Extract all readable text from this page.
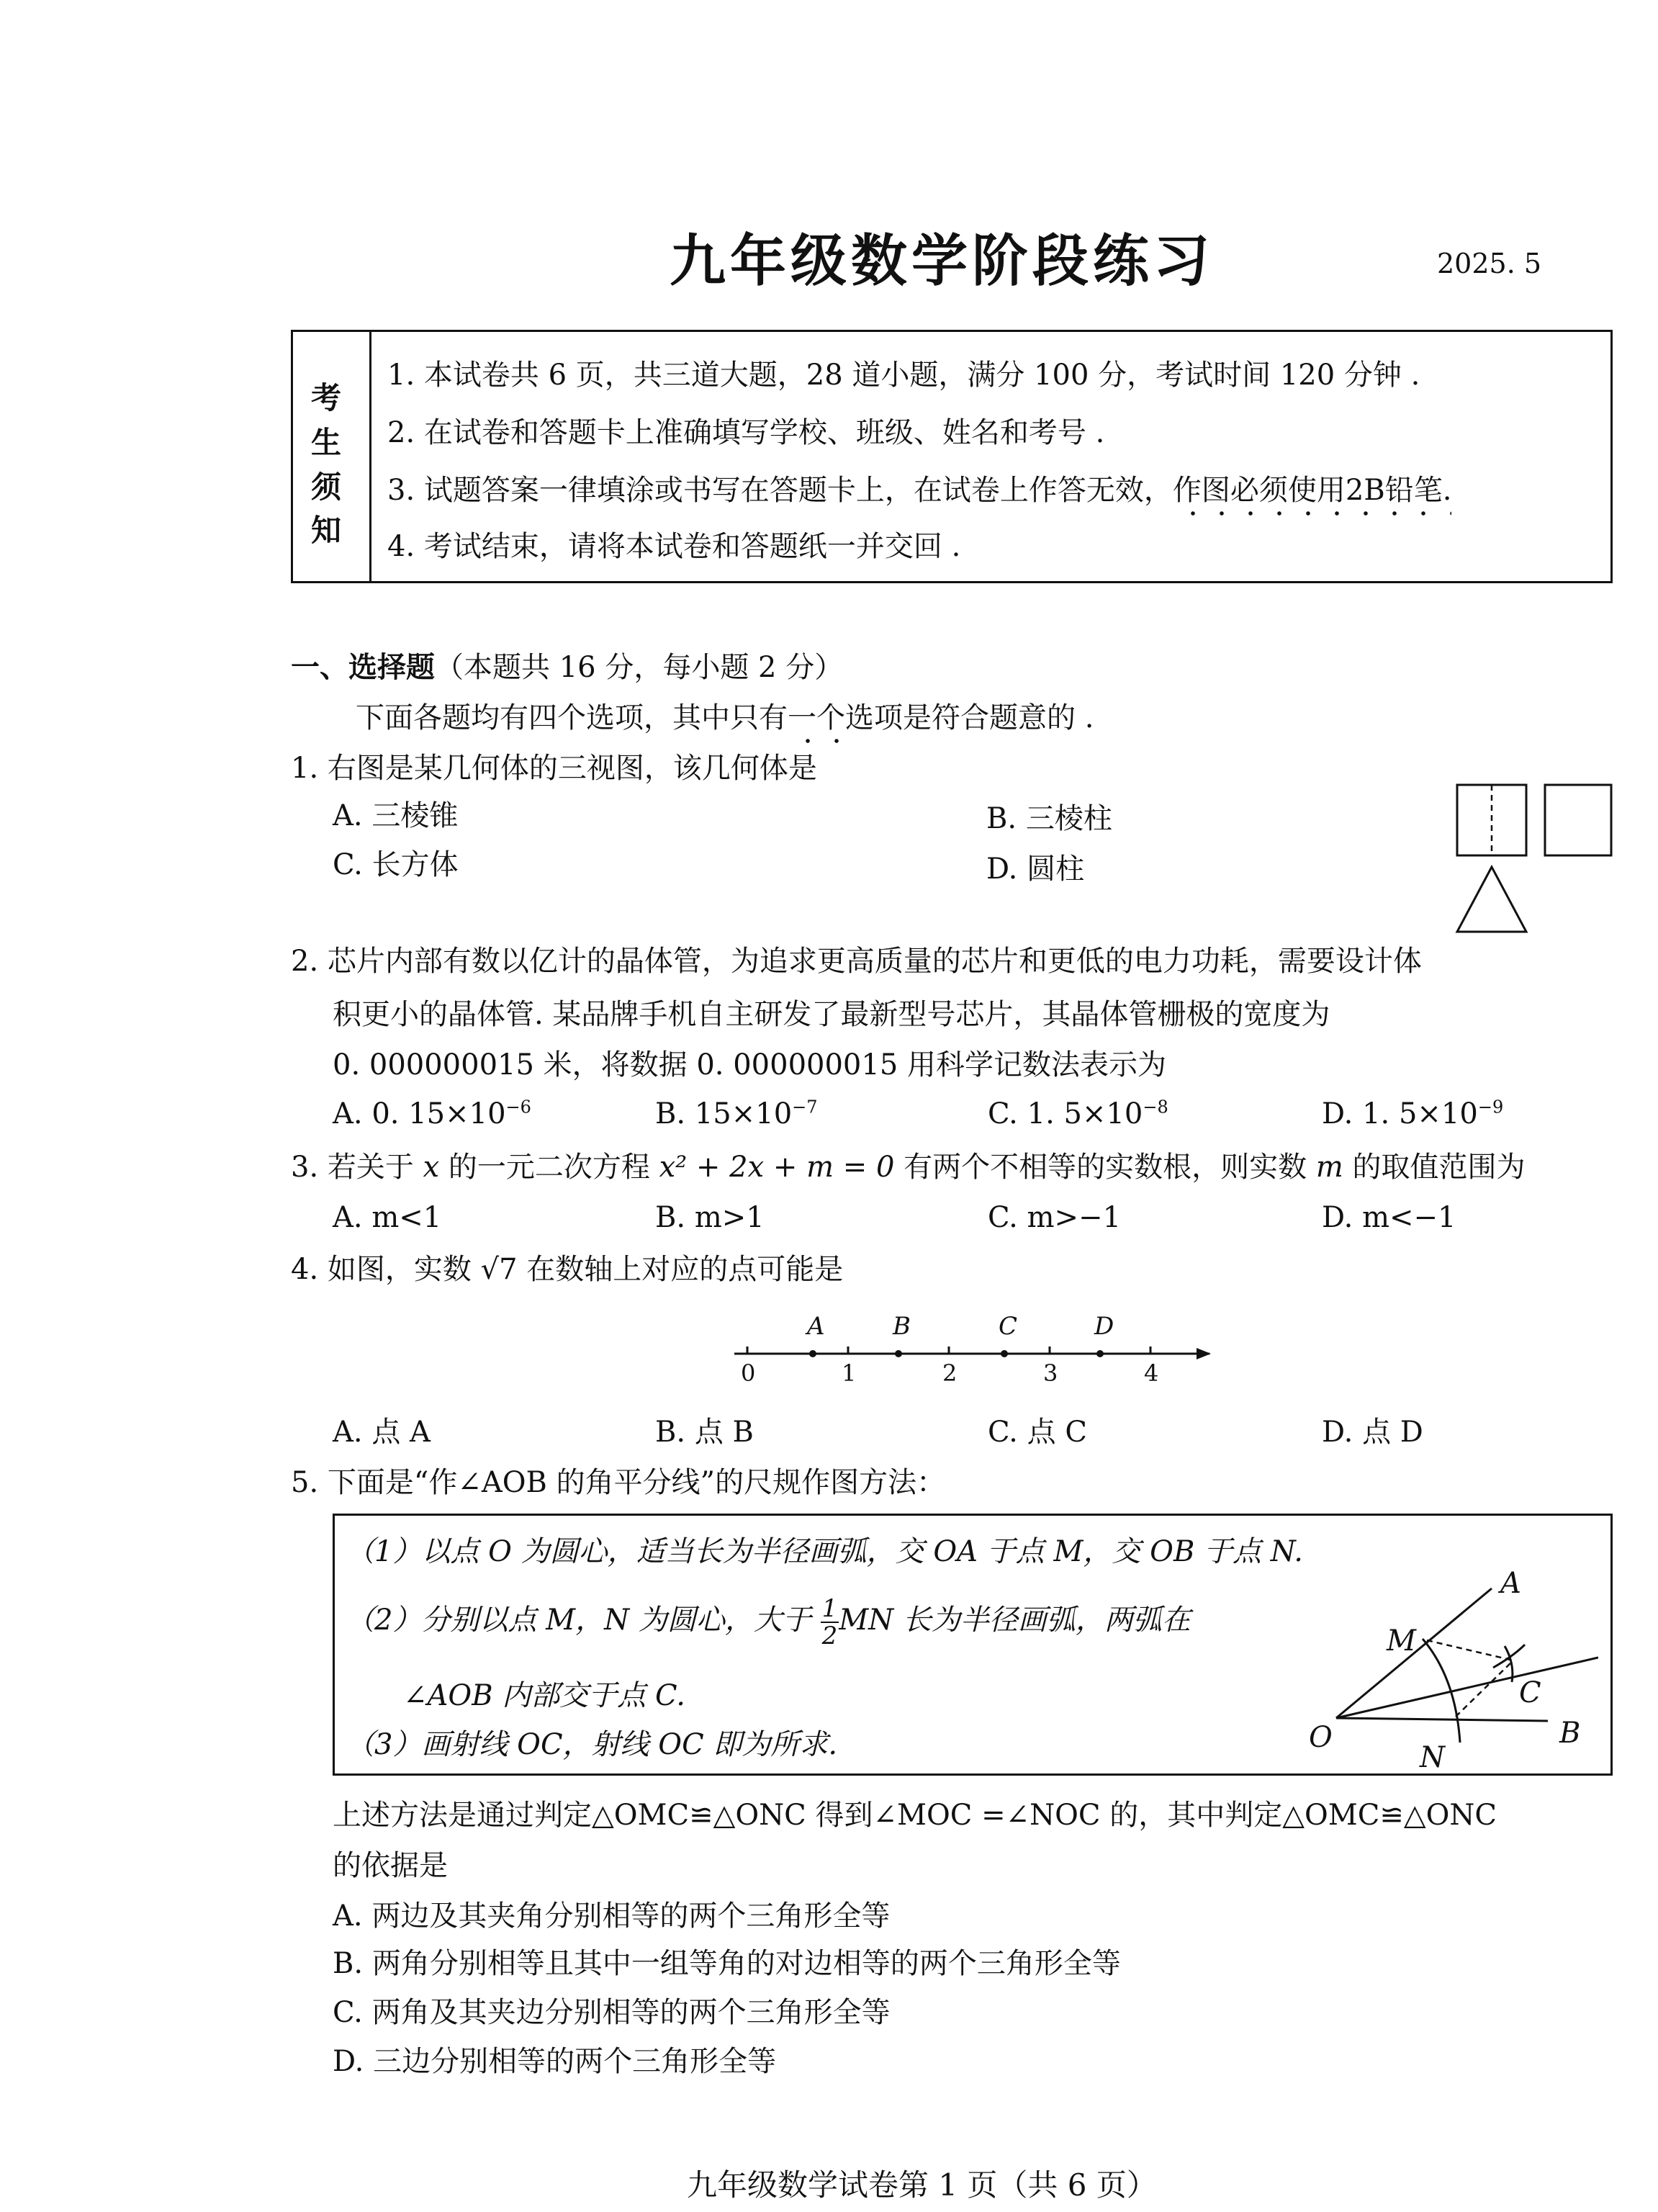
九年级数学阶段练习	2025. 5
考
生
须
知
1. 本试卷共 6 页，共三道大题，28 道小题，满分 100 分，考试时间 120 分钟 .
2. 在试卷和答题卡上准确填写学校、班级、姓名和考号 .
3. 试题答案一律填涂或书写在答题卡上，在试卷上作答无效，作图必须使用2B铅笔.
4. 考试结束，请将本试卷和答题纸一并交回 .
一、选择题（本题共 16 分，每小题 2 分）
下面各题均有四个选项，其中只有一个选项是符合题意的 .
1. 右图是某几何体的三视图，该几何体是
A. 三棱锥	B. 三棱柱
C. 长方体	D. 圆柱
2. 芯片内部有数以亿计的晶体管，为追求更高质量的芯片和更低的电力功耗，需要设计体
积更小的晶体管. 某品牌手机自主研发了最新型号芯片，其晶体管栅极的宽度为
0. 000000015 米，将数据 0. 000000015 用科学记数法表示为
A. 0. $15\times 10^{-6}$	B. $15\times 10^{-7}$	C. 1. $5\times 10^{-8}$	D. 1. $5\times 10^{-9}$
3. 若关于 x 的一元二次方程 x² + 2x + m = 0 有两个不相等的实数根，则实数 m 的取值范围为
A. m<1	B. m>1	C. m>−1	D. m<−1
4. 如图，实数 √7 在数轴上对应的点可能是
0	1	2	3	4
A	B	C	D
A. 点 A	B. 点 B	C. 点 C	D. 点 D
5. 下面是“作∠AOB 的角平分线”的尺规作图方法：
（1）以点 O 为圆心，适当长为半径画弧，交 OA 于点 M，交 OB 于点 N.
（2）分别以点 M，N 为圆心，大于 $\frac{1}{2}$ MN 长为半径画弧，两弧在
∠AOB 内部交于点 C.
（3）画射线 OC，射线 OC 即为所求.
A
M
C
O
N
B
上述方法是通过判定△OMC≌△ONC 得到∠MOC =∠NOC 的，其中判定△OMC≌△ONC
的依据是
A. 两边及其夹角分别相等的两个三角形全等
B. 两角分别相等且其中一组等角的对边相等的两个三角形全等
C. 两角及其夹边分别相等的两个三角形全等
D. 三边分别相等的两个三角形全等
九年级数学试卷第 1 页（共 6 页）
